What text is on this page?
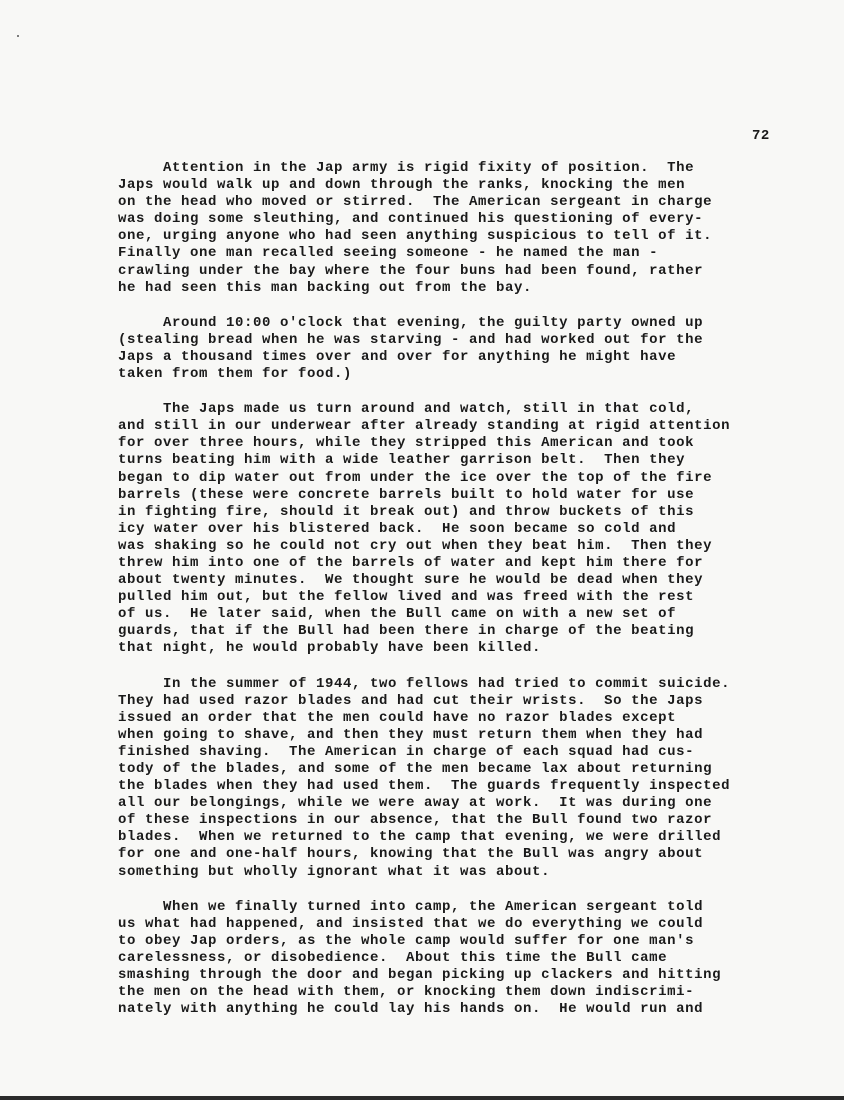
72
Attention in the Jap army is rigid fixity of position.  The
Japs would walk up and down through the ranks, knocking the men
on the head who moved or stirred.  The American sergeant in charge
was doing some sleuthing, and continued his questioning of every-
one, urging anyone who had seen anything suspicious to tell of it.
Finally one man recalled seeing someone - he named the man -
crawling under the bay where the four buns had been found, rather
he had seen this man backing out from the bay.
Around 10:00 o'clock that evening, the guilty party owned up
(stealing bread when he was starving - and had worked out for the
Japs a thousand times over and over for anything he might have
taken from them for food.)
The Japs made us turn around and watch, still in that cold,
and still in our underwear after already standing at rigid attention
for over three hours, while they stripped this American and took
turns beating him with a wide leather garrison belt.  Then they
began to dip water out from under the ice over the top of the fire
barrels (these were concrete barrels built to hold water for use
in fighting fire, should it break out) and throw buckets of this
icy water over his blistered back.  He soon became so cold and
was shaking so he could not cry out when they beat him.  Then they
threw him into one of the barrels of water and kept him there for
about twenty minutes.  We thought sure he would be dead when they
pulled him out, but the fellow lived and was freed with the rest
of us.  He later said, when the Bull came on with a new set of
guards, that if the Bull had been there in charge of the beating
that night, he would probably have been killed.
In the summer of 1944, two fellows had tried to commit suicide.
They had used razor blades and had cut their wrists.  So the Japs
issued an order that the men could have no razor blades except
when going to shave, and then they must return them when they had
finished shaving.  The American in charge of each squad had cus-
tody of the blades, and some of the men became lax about returning
the blades when they had used them.  The guards frequently inspected
all our belongings, while we were away at work.  It was during one
of these inspections in our absence, that the Bull found two razor
blades.  When we returned to the camp that evening, we were drilled
for one and one-half hours, knowing that the Bull was angry about
something but wholly ignorant what it was about.
When we finally turned into camp, the American sergeant told
us what had happened, and insisted that we do everything we could
to obey Jap orders, as the whole camp would suffer for one man's
carelessness, or disobedience.  About this time the Bull came
smashing through the door and began picking up clackers and hitting
the men on the head with them, or knocking them down indiscrimi-
nately with anything he could lay his hands on.  He would run and
